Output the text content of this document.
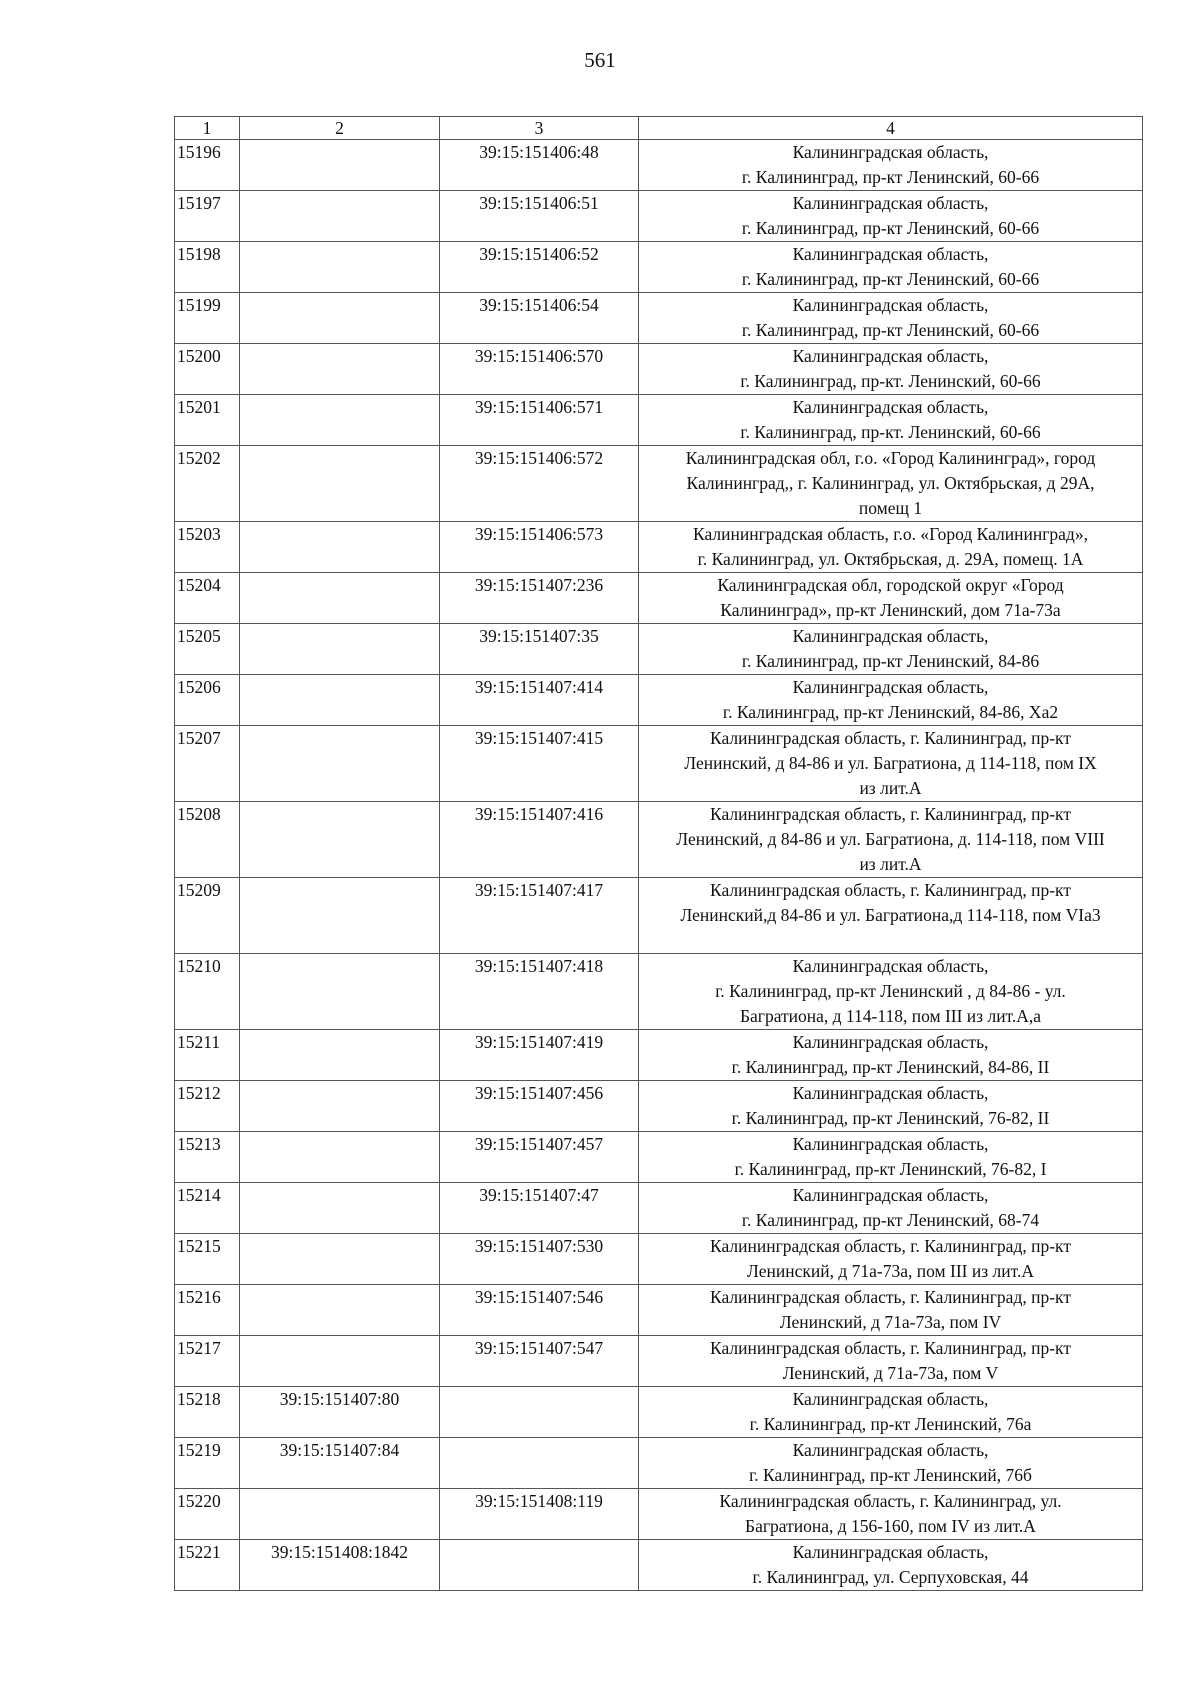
561
1	2	3	4
15196		39:15:151406:48	Калининградская область,
г. Калининград, пр-кт Ленинский, 60-66

15197		39:15:151406:51	Калининградская область,
г. Калининград, пр-кт Ленинский, 60-66

15198		39:15:151406:52	Калининградская область,
г. Калининград, пр-кт Ленинский, 60-66

15199		39:15:151406:54	Калининградская область,
г. Калининград, пр-кт Ленинский, 60-66

15200		39:15:151406:570	Калининградская область,
г. Калининград, пр-кт. Ленинский, 60-66

15201		39:15:151406:571	Калининградская область,
г. Калининград, пр-кт. Ленинский, 60-66

15202		39:15:151406:572	Калининградская обл, г.о. «Город Калининград», город
Калининград,, г. Калининград, ул. Октябрьская, д 29А,
помещ 1

15203		39:15:151406:573	Калининградская область, г.о. «Город Калининград»,
г. Калининград, ул. Октябрьская, д. 29А, помещ. 1А

15204		39:15:151407:236	Калининградская обл, городской округ «Город
Калининград», пр-кт Ленинский, дом 71а-73а

15205		39:15:151407:35	Калининградская область,
г. Калининград, пр-кт Ленинский, 84-86

15206		39:15:151407:414	Калининградская область,
г. Калининград, пр-кт Ленинский, 84-86, Ха2

15207		39:15:151407:415	Калининградская область, г. Калининград, пр-кт
Ленинский, д 84-86 и ул. Багратиона, д 114-118, пом IX
из лит.А

15208		39:15:151407:416	Калининградская область, г. Калининград, пр-кт
Ленинский, д 84-86 и ул. Багратиона, д. 114-118, пом VIII
из лит.А

15209		39:15:151407:417	Калининградская область, г. Калининград, пр-кт
Ленинский,д 84-86 и ул. Багратиона,д 114-118, пом VIа3

15210		39:15:151407:418	Калининградская область,
г. Калининград, пр-кт Ленинский , д 84-86 - ул.
Багратиона, д 114-118, пом III из лит.А,а

15211		39:15:151407:419	Калининградская область,
г. Калининград, пр-кт Ленинский, 84-86, II

15212		39:15:151407:456	Калининградская область,
г. Калининград, пр-кт Ленинский, 76-82, II

15213		39:15:151407:457	Калининградская область,
г. Калининград, пр-кт Ленинский, 76-82, I

15214		39:15:151407:47	Калининградская область,
г. Калининград, пр-кт Ленинский, 68-74

15215		39:15:151407:530	Калининградская область, г. Калининград, пр-кт
Ленинский, д 71а-73а, пом III из лит.А

15216		39:15:151407:546	Калининградская область, г. Калининград, пр-кт
Ленинский, д 71а-73а, пом IV

15217		39:15:151407:547	Калининградская область, г. Калининград, пр-кт
Ленинский, д 71а-73а, пом V

15218	39:15:151407:80		Калининградская область,
г. Калининград, пр-кт Ленинский, 76а

15219	39:15:151407:84		Калининградская область,
г. Калининград, пр-кт Ленинский, 76б

15220		39:15:151408:119	Калининградская область, г. Калининград, ул.
Багратиона, д 156-160, пом IV из лит.А

15221	39:15:151408:1842		Калининградская область,
г. Калининград, ул. Серпуховская, 44
